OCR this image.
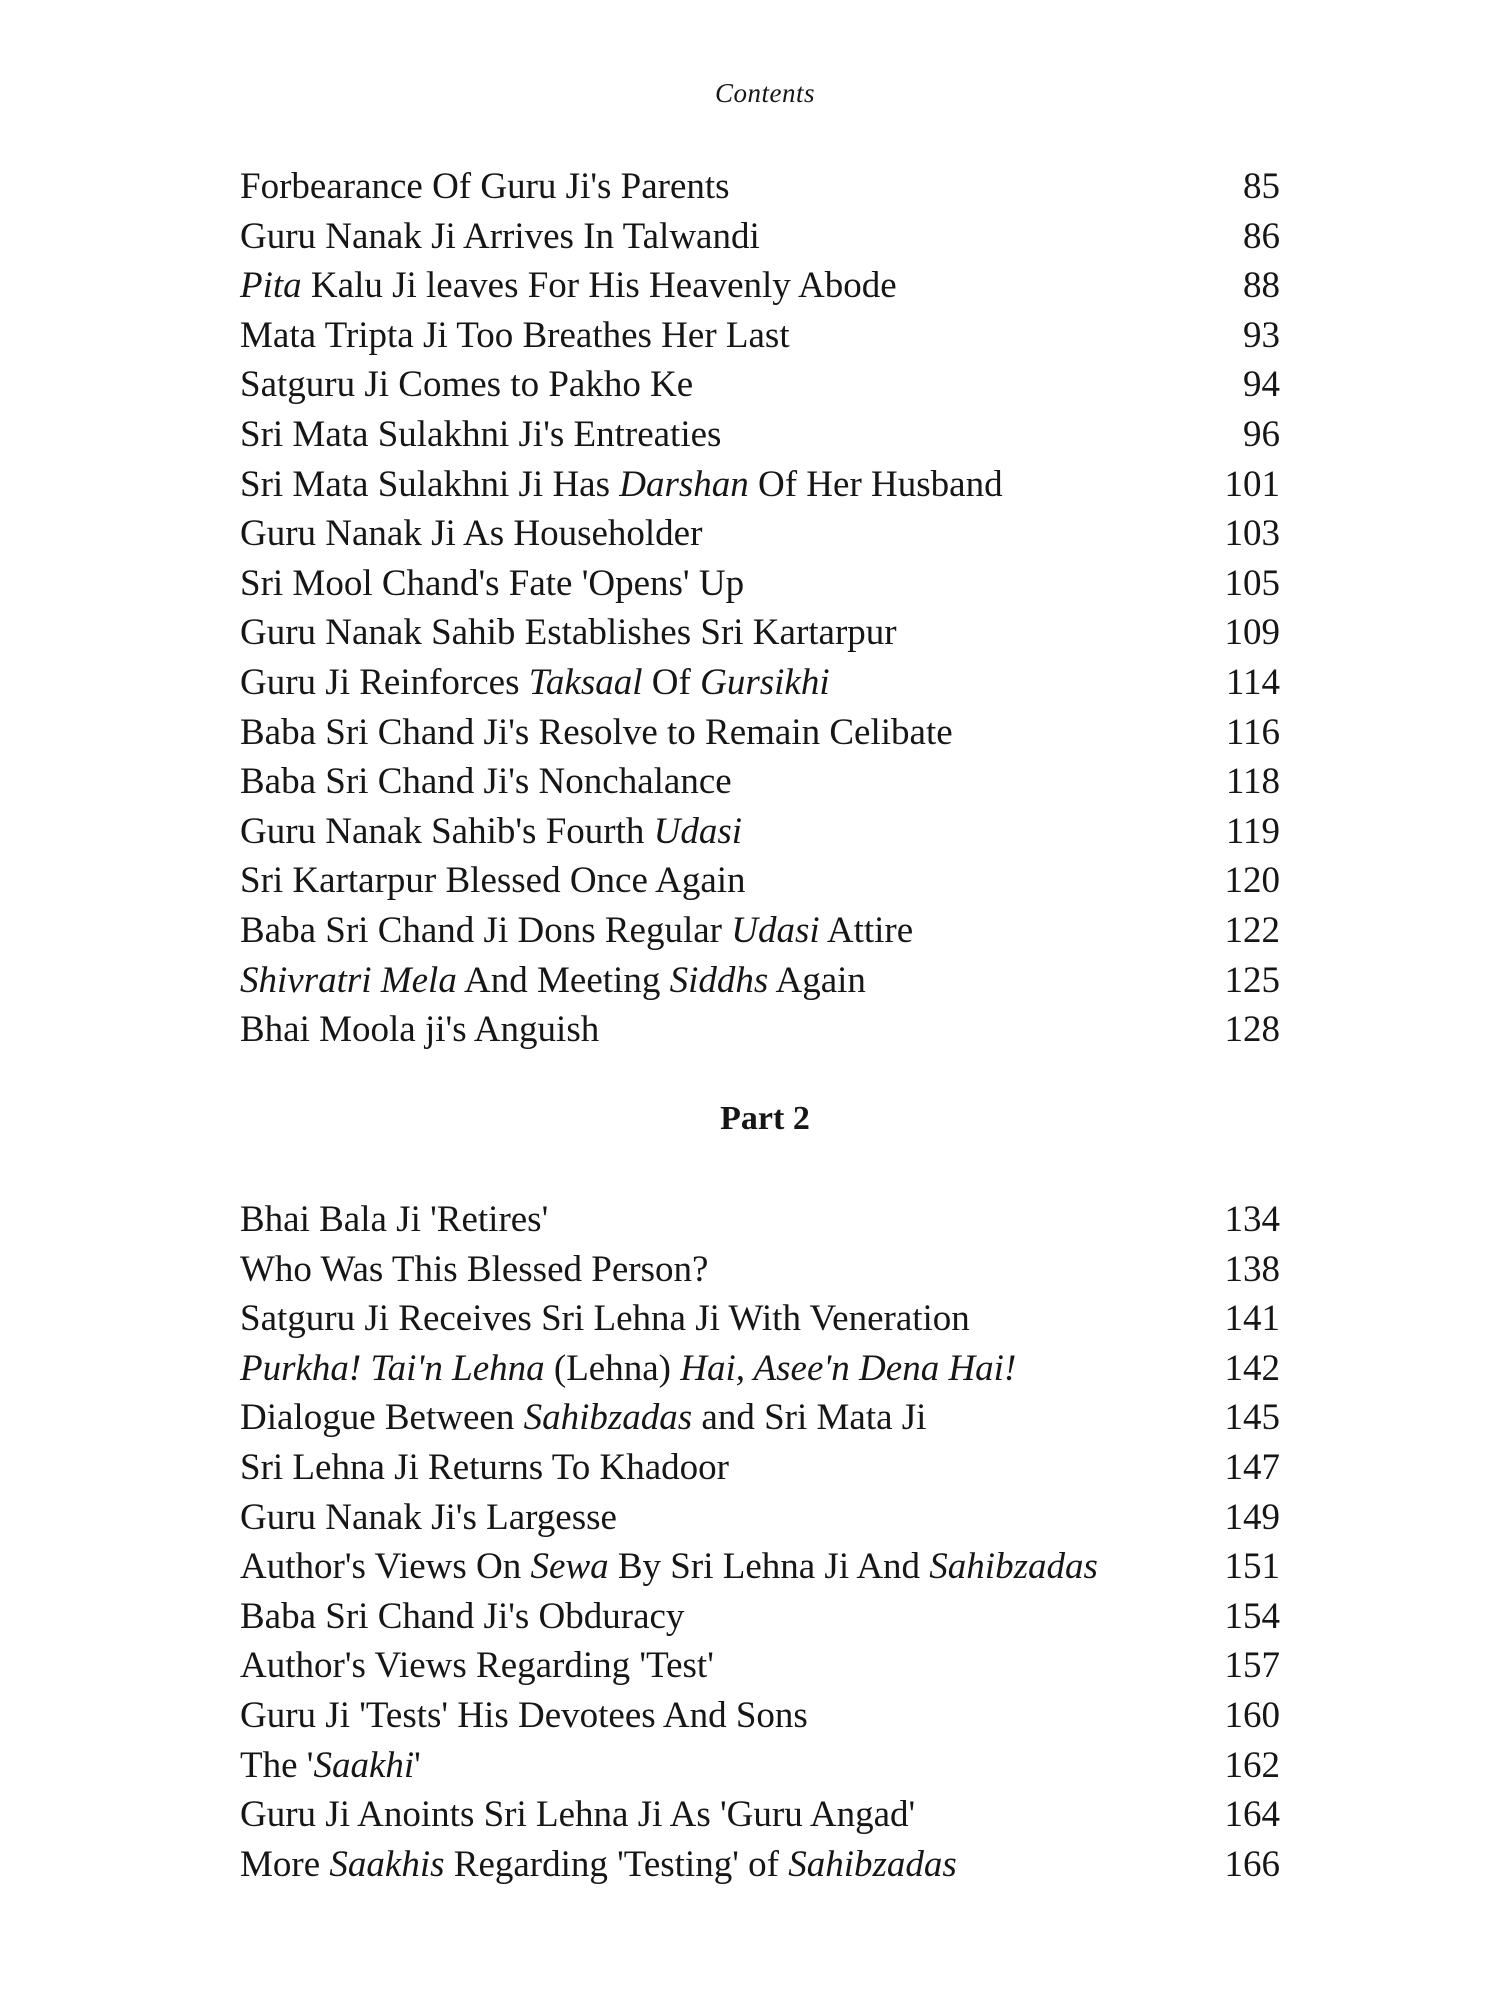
Contents
Forbearance Of Guru Ji's Parents	85
Guru Nanak Ji Arrives In Talwandi	86
Pita Kalu Ji leaves For His Heavenly Abode	88
Mata Tripta Ji Too Breathes Her Last	93
Satguru Ji Comes to Pakho Ke	94
Sri Mata Sulakhni Ji's Entreaties	96
Sri Mata Sulakhni Ji Has Darshan Of Her Husband	101
Guru Nanak Ji As Householder	103
Sri Mool Chand's Fate 'Opens' Up	105
Guru Nanak Sahib Establishes Sri Kartarpur	109
Guru Ji Reinforces Taksaal Of Gursikhi	114
Baba Sri Chand Ji's Resolve to Remain Celibate	116
Baba Sri Chand Ji's Nonchalance	118
Guru Nanak Sahib's Fourth Udasi	119
Sri Kartarpur Blessed Once Again	120
Baba Sri Chand Ji Dons Regular Udasi Attire	122
Shivratri Mela And Meeting Siddhs Again	125
Bhai Moola ji's Anguish	128
Part 2
Bhai Bala Ji 'Retires'	134
Who Was This Blessed Person?	138
Satguru Ji Receives Sri Lehna Ji With Veneration	141
Purkha! Tai'n Lehna (Lehna) Hai, Asee'n Dena Hai!	142
Dialogue Between Sahibzadas and Sri Mata Ji	145
Sri Lehna Ji Returns To Khadoor	147
Guru Nanak Ji's Largesse	149
Author's Views On Sewa By Sri Lehna Ji And Sahibzadas	151
Baba Sri Chand Ji's Obduracy	154
Author's Views Regarding 'Test'	157
Guru Ji 'Tests' His Devotees And Sons	160
The 'Saakhi'	162
Guru Ji Anoints Sri Lehna Ji As 'Guru Angad'	164
More Saakhis Regarding 'Testing' of Sahibzadas	166
